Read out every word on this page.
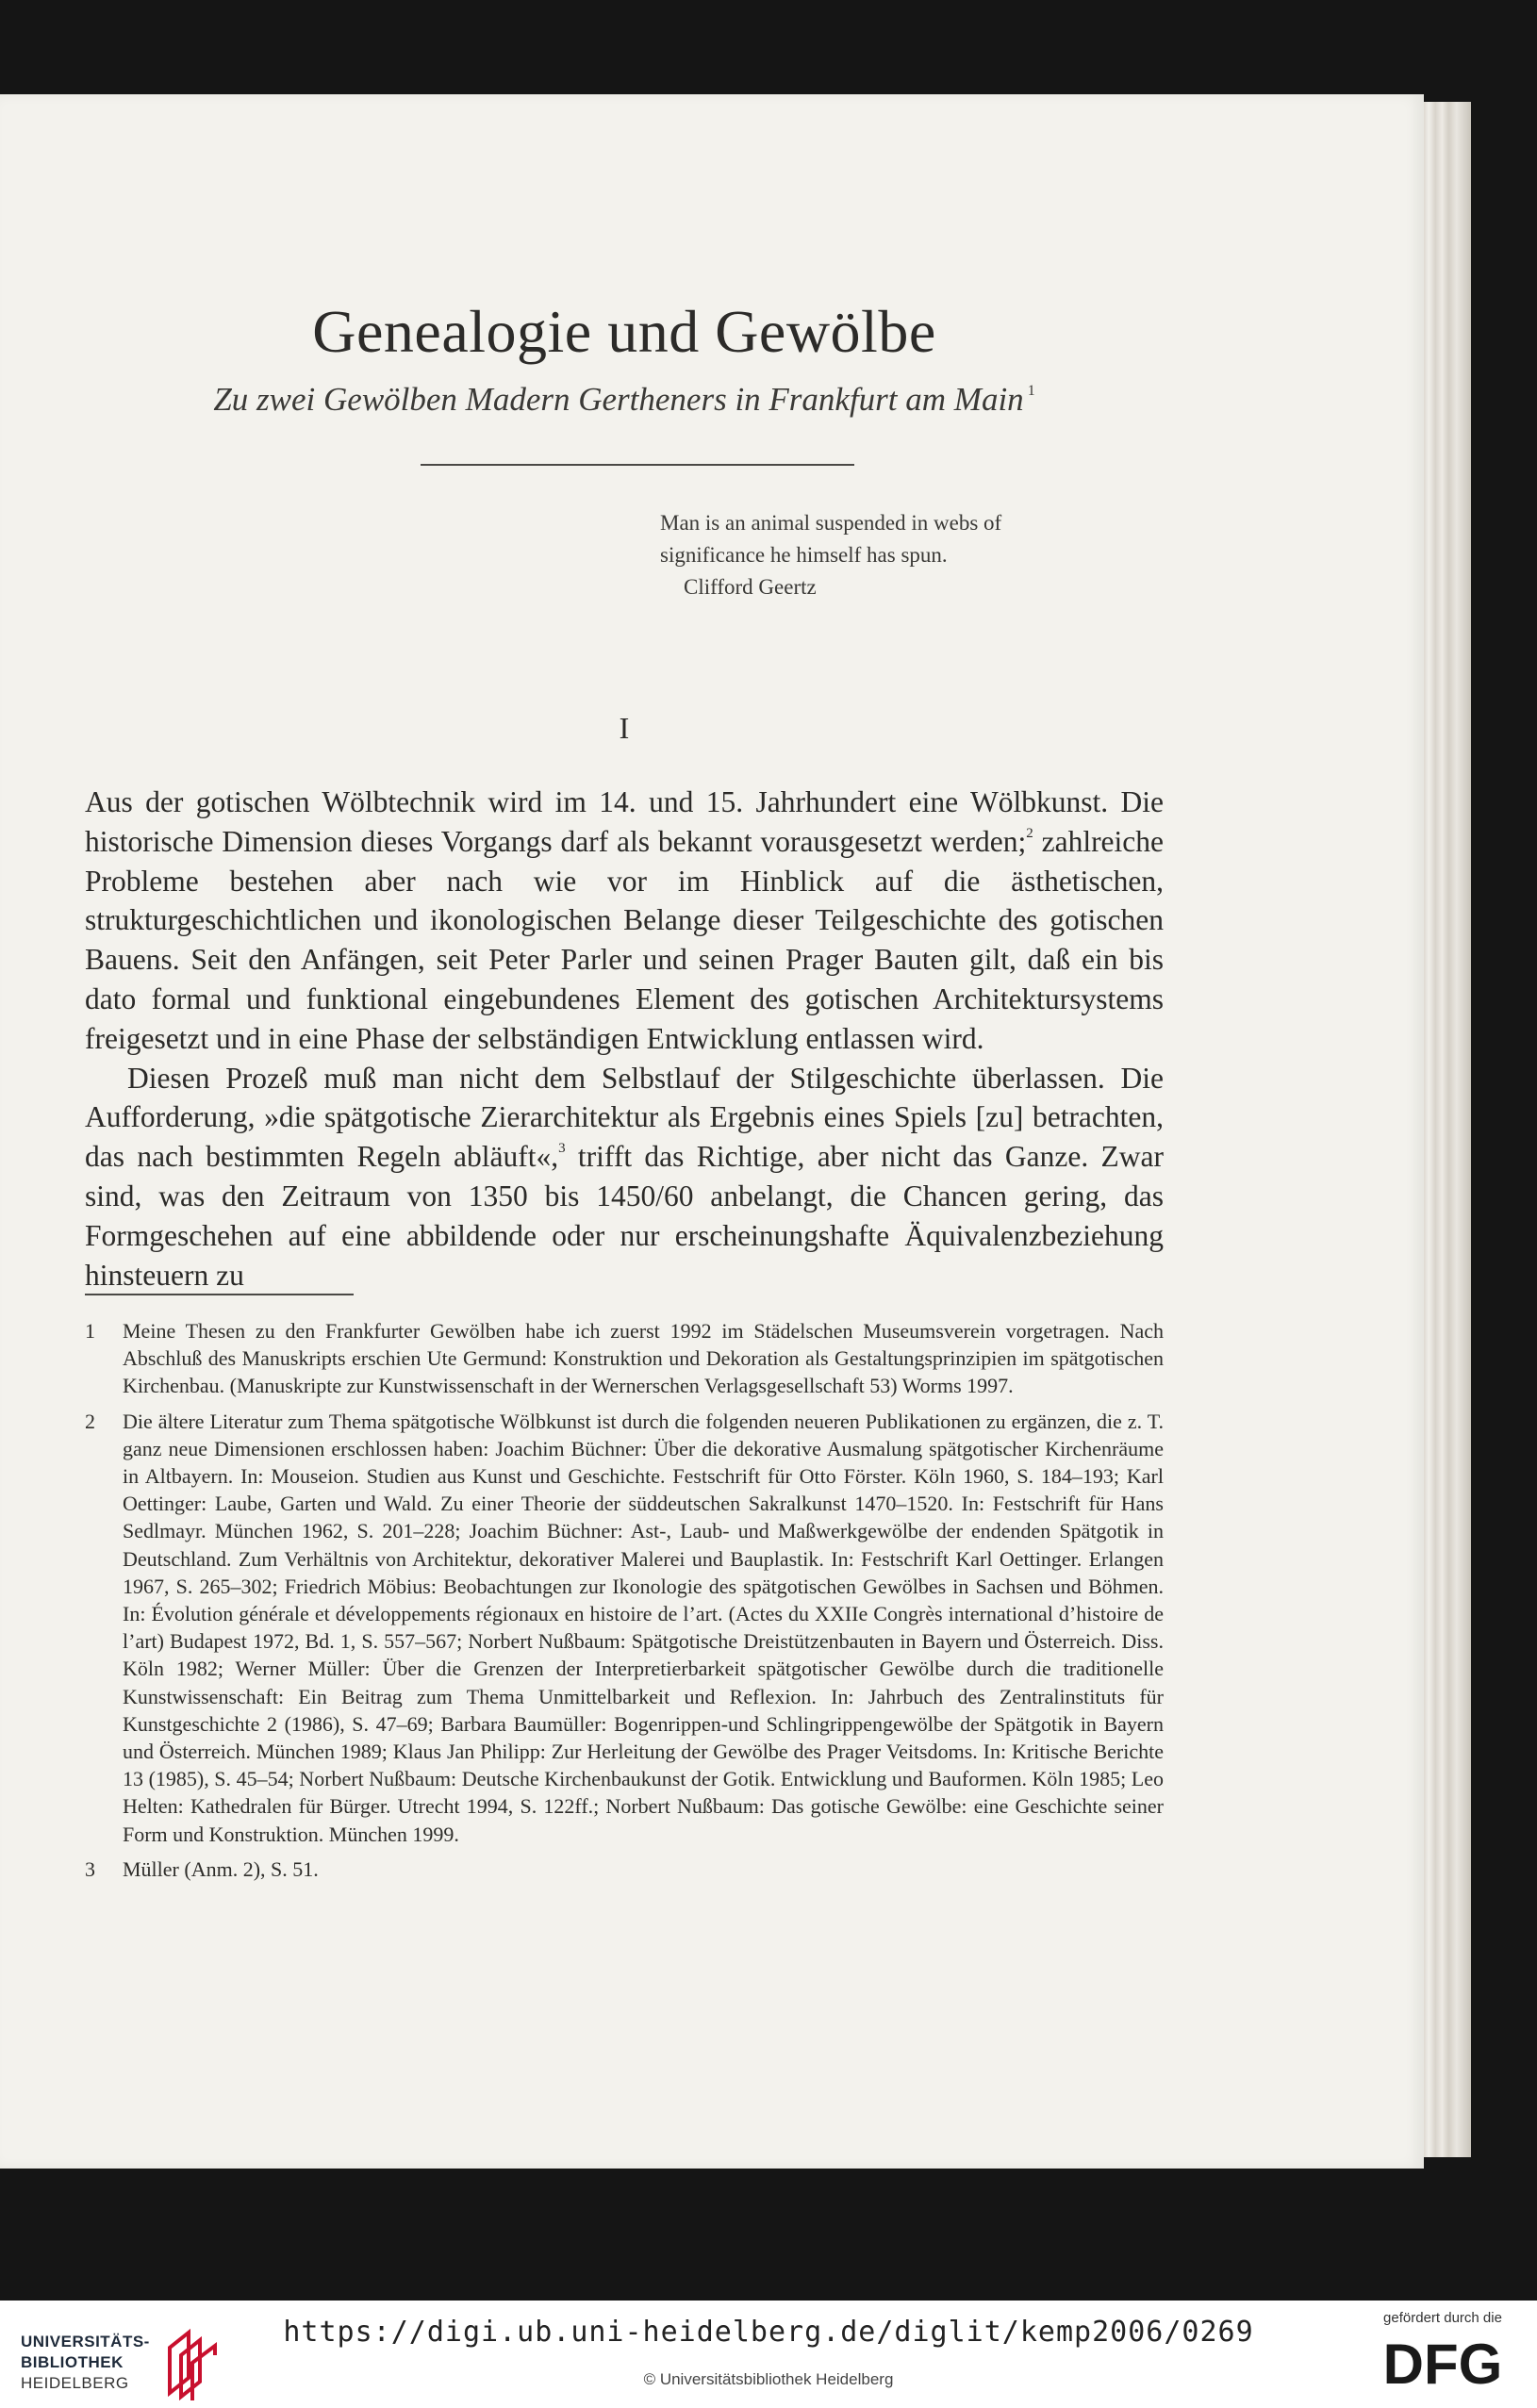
Genealogie und Gewölbe

Zu zwei Gewölben Madern Gertheners in Frankfurt am Main $^1$

Man is an animal suspended in webs of
significance he himself has spun.
Clifford Geertz
I

Aus der gotischen Wölbtechnik wird im 14. und 15. Jahrhundert eine Wölbkunst. Die historische Dimension dieses Vorgangs darf als bekannt vorausgesetzt werden;$^2$ zahlreiche Probleme bestehen aber nach wie vor im Hinblick auf die ästhetischen, strukturgeschichtlichen und ikonologischen Belange dieser Teilgeschichte des gotischen Bauens. Seit den Anfängen, seit Peter Parler und seinen Prager Bauten gilt, daß ein bis dato formal und funktional eingebundenes Element des gotischen Architektursystems freigesetzt und in eine Phase der selbständigen Entwicklung entlassen wird.

Diesen Prozeß muß man nicht dem Selbstlauf der Stilgeschichte überlassen. Die Aufforderung, »die spätgotische Zierarchitektur als Ergebnis eines Spiels [zu] betrachten, das nach bestimmten Regeln abläuft«,$^3$ trifft das Richtige, aber nicht das Ganze. Zwar sind, was den Zeitraum von 1350 bis 1450/60 anbelangt, die Chancen gering, das Formgeschehen auf eine abbildende oder nur erscheinungshafte Äquivalenzbeziehung hinsteuern zu

1 Meine Thesen zu den Frankfurter Gewölben habe ich zuerst 1992 im Städelschen Museumsverein vorgetragen. Nach Abschluß des Manuskripts erschien Ute Germund: Konstruktion und Dekoration als Gestaltungsprinzipien im spätgotischen Kirchenbau. (Manuskripte zur Kunstwissenschaft in der Wernerschen Verlagsgesellschaft 53) Worms 1997.
2 Die ältere Literatur zum Thema spätgotische Wölbkunst ist durch die folgenden neueren Publikationen zu ergänzen, die z. T. ganz neue Dimensionen erschlossen haben: Joachim Büchner: Über die dekorative Ausmalung spätgotischer Kirchenräume in Altbayern. In: Mouseion. Studien aus Kunst und Geschichte. Festschrift für Otto Förster. Köln 1960, S. 184–193; Karl Oettinger: Laube, Garten und Wald. Zu einer Theorie der süddeutschen Sakralkunst 1470–1520. In: Festschrift für Hans Sedlmayr. München 1962, S. 201–228; Joachim Büchner: Ast-, Laub- und Maßwerkgewölbe der endenden Spätgotik in Deutschland. Zum Verhältnis von Architektur, dekorativer Malerei und Bauplastik. In: Festschrift Karl Oettinger. Erlangen 1967, S. 265–302; Friedrich Möbius: Beobachtungen zur Ikonologie des spätgotischen Gewölbes in Sachsen und Böhmen. In: Évolution générale et développements régionaux en histoire de l’art. (Actes du XXIIe Congrès international d’histoire de l’art) Budapest 1972, Bd. 1, S. 557–567; Norbert Nußbaum: Spätgotische Dreistützenbauten in Bayern und Österreich. Diss. Köln 1982; Werner Müller: Über die Grenzen der Interpretierbarkeit spätgotischer Gewölbe durch die traditionelle Kunstwissenschaft: Ein Beitrag zum Thema Unmittelbarkeit und Reflexion. In: Jahrbuch des Zentralinstituts für Kunstgeschichte 2 (1986), S. 47–69; Barbara Baumüller: Bogenrippen-und Schlingrippengewölbe der Spätgotik in Bayern und Österreich. München 1989; Klaus Jan Philipp: Zur Herleitung der Gewölbe des Prager Veitsdoms. In: Kritische Berichte 13 (1985), S. 45–54; Norbert Nußbaum: Deutsche Kirchenbaukunst der Gotik. Entwicklung und Bauformen. Köln 1985; Leo Helten: Kathedralen für Bürger. Utrecht 1994, S. 122ff.; Norbert Nußbaum: Das gotische Gewölbe: eine Geschichte seiner Form und Konstruktion. München 1999.
3 Müller (Anm. 2), S. 51.
UNIVERSITÄTS-
BIBLIOTHEK
HEIDELBERG
https://digi.ub.uni-heidelberg.de/diglit/kemp2006/0269
© Universitätsbibliothek Heidelberg
gefördert durch die
DFG
